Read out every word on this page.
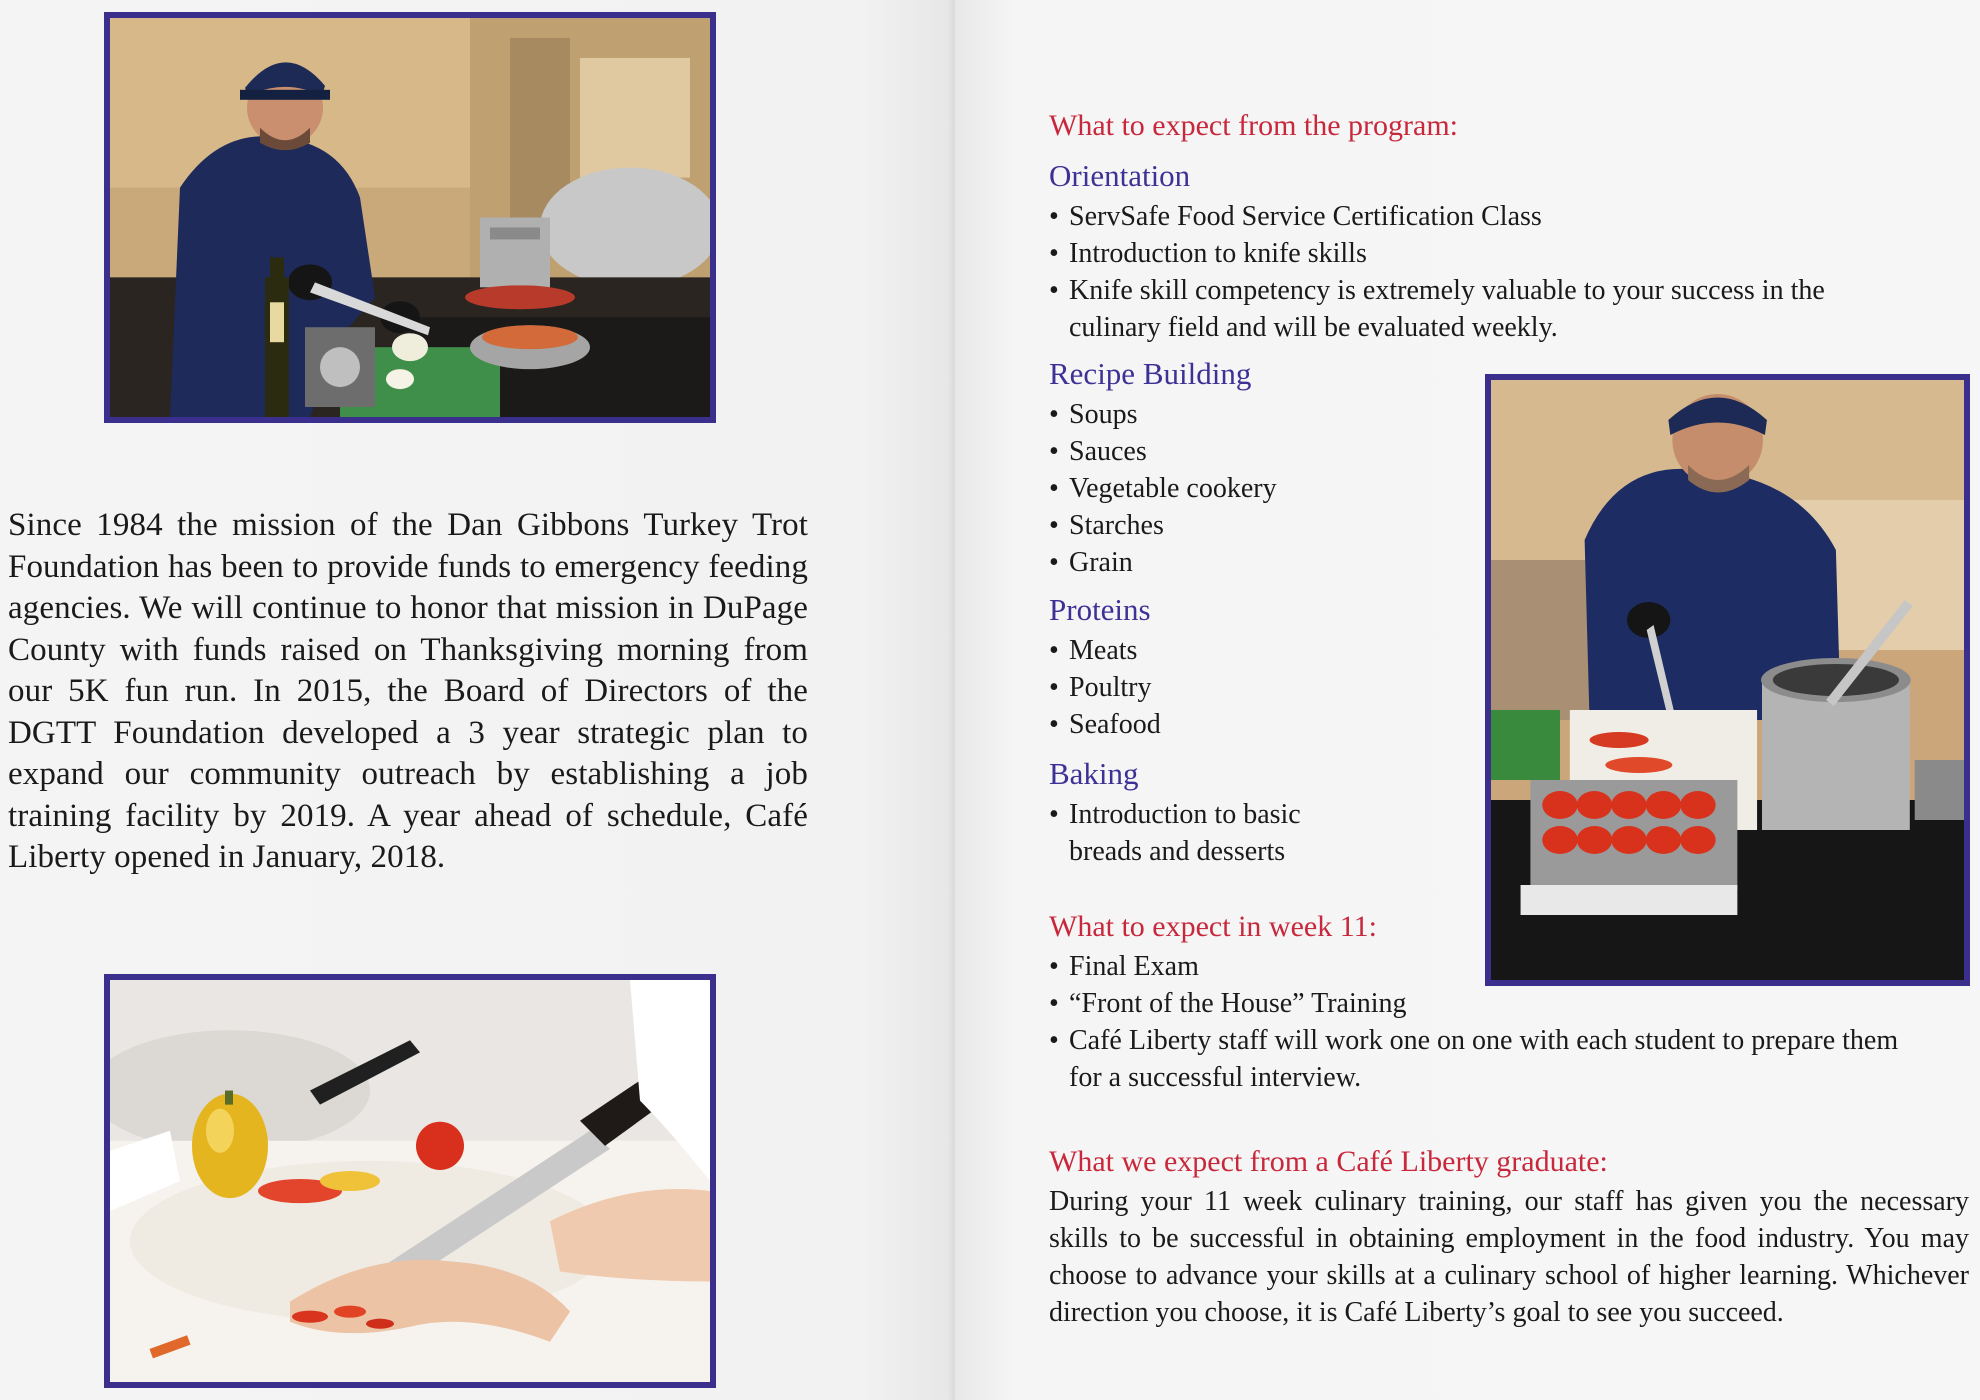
Since 1984 the mission of the Dan Gibbons Turkey Trot Foundation has been to provide funds to emergency feeding agencies. We will continue to honor that mission in DuPage County with funds raised on Thanksgiving morning from our 5K fun run. In 2015, the Board of Directors of the DGTT Foundation developed a 3 year strategic plan to expand our community outreach by establishing a job training facility by 2019. A year ahead of schedule, Café Liberty opened in January, 2018.

What to expect from the program:
Orientation
• ServSafe Food Service Certification Class
• Introduction to knife skills
• Knife skill competency is extremely valuable to your success in the culinary field and will be evaluated weekly.
Recipe Building
• Soups
• Sauces
• Vegetable cookery
• Starches
• Grain
Proteins
• Meats
• Poultry
• Seafood
Baking
• Introduction to basic breads and desserts
What to expect in week 11:
• Final Exam
• “Front of the House” Training
• Café Liberty staff will work one on one with each student to prepare them for a successful interview.
What we expect from a Café Liberty graduate:

During your 11 week culinary training, our staff has given you the necessary skills to be successful in obtaining employment in the food industry. You may choose to advance your skills at a culinary school of higher learning. Whichever direction you choose, it is Café Liberty’s goal to see you succeed.
